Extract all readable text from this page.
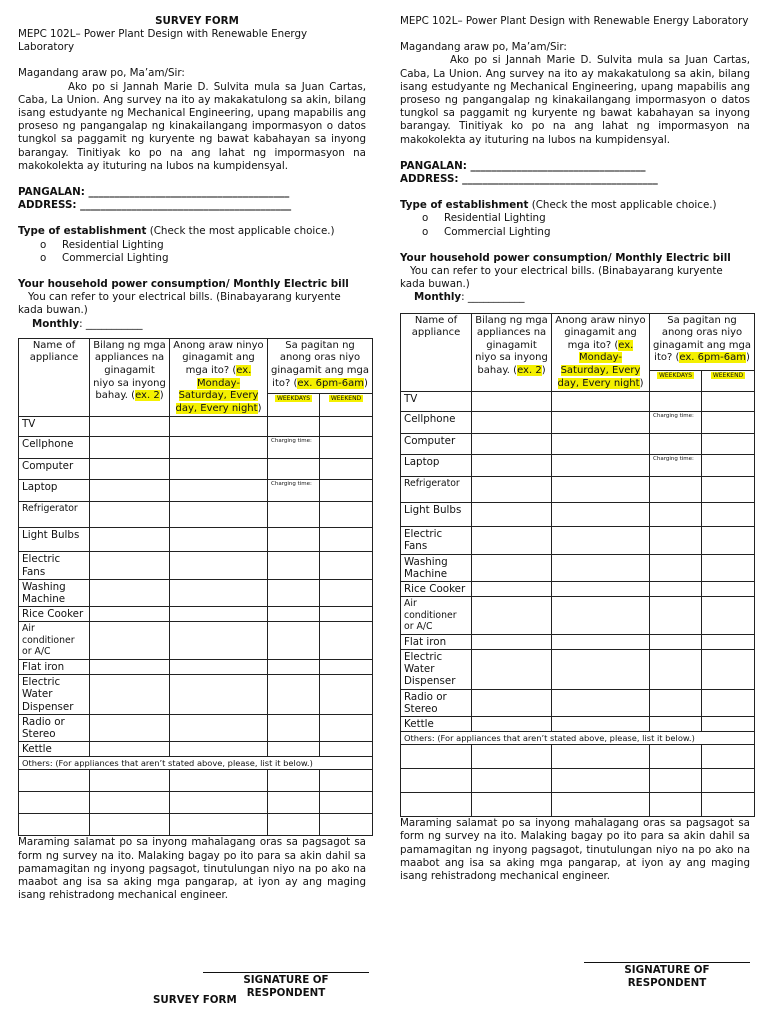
SURVEY FORM
MEPC 102L– Power Plant Design with Renewable Energy Laboratory
Magandang araw po, Ma’am/Sir:
Ako po si Jannah Marie D. Sulvita mula sa Juan Cartas, Caba, La Union. Ang survey na ito ay makakatulong sa akin, bilang isang estudyante ng Mechanical Engineering, upang mapabilis ang proseso ng pangangalap ng kinakailangang impormasyon o datos tungkol sa paggamit ng kuryente ng bawat kabahayan sa inyong barangay. Tinitiyak ko po na ang lahat ng impormasyon na makokolekta ay ituturing na lubos na kumpidensyal.
PANGALAN: _______________________________________
ADDRESS: _________________________________________
Type of establishment (Check the most applicable choice.)
o Residential Lighting
o Commercial Lighting
Your household power consumption/ Monthly Electric bill
You can refer to your electrical bills. (Binabayarang kuryente kada buwan.)
Monthly: ___________
Name of appliance	Bilang ng mga appliances na ginagamit niyo sa inyong bahay. (ex. 2)	Anong araw ninyo ginagamit ang mga ito? (ex. Monday-Saturday, Every day, Every night)	Sa pagitan ng anong oras niyo ginagamit ang mga ito? (ex. 6pm-6am)	
			WEEKDAYS	WEEKEND
TV				
Cellphone			Charging time:	

Computer				
Laptop			Charging time:	

Refrigerator				
Light Bulbs				
Electric Fans				
Washing Machine				
Rice Cooker				
Air conditioner or A/C				
Flat iron				
Electric Water Dispenser				
Radio or Stereo				
Kettle				
Others: (For appliances that aren’t stated above, please, list it below.)				

Maraming salamat po sa inyong mahalagang oras sa pagsagot sa form ng survey na ito. Malaking bagay po ito para sa akin dahil sa pamamagitan ng inyong pagsagot, tinutulungan niyo na po ako na maabot ang isa sa aking mga pangarap, at iyon ay ang maging isang rehistradong mechanical engineer.
SIGNATURE OF RESPONDENT
SURVEY FORM
MEPC 102L– Power Plant Design with Renewable Energy Laboratory
Magandang araw po, Ma’am/Sir:
Ako po si Jannah Marie D. Sulvita mula sa Juan Cartas, Caba, La Union. Ang survey na ito ay makakatulong sa akin, bilang isang estudyante ng Mechanical Engineering, upang mapabilis ang proseso ng pangangalap ng kinakailangang impormasyon o datos tungkol sa paggamit ng kuryente ng bawat kabahayan sa inyong barangay. Tinitiyak ko po na ang lahat ng impormasyon na makokolekta ay ituturing na lubos na kumpidensyal.
PANGALAN: __________________________________
ADDRESS: ______________________________________
Type of establishment (Check the most applicable choice.)
o Residential Lighting
o Commercial Lighting
Your household power consumption/ Monthly Electric bill
You can refer to your electrical bills. (Binabayarang kuryente kada buwan.)
Monthly: ___________
Name of appliance	Bilang ng mga appliances na ginagamit niyo sa inyong bahay. (ex. 2)	Anong araw ninyo ginagamit ang mga ito? (ex. Monday-Saturday, Every day, Every night)	Sa pagitan ng anong oras niyo ginagamit ang mga ito? (ex. 6pm-6am)	
			WEEKDAYS	WEEKEND
TV				
Cellphone			Charging time:	

Computer				
Laptop			Charging time:	

Refrigerator				
Light Bulbs				
Electric Fans				
Washing Machine				
Rice Cooker				
Air conditioner or A/C				
Flat iron				
Electric Water Dispenser				
Radio or Stereo				
Kettle				
Others: (For appliances that aren’t stated above, please, list it below.)				

Maraming salamat po sa inyong mahalagang oras sa pagsagot sa form ng survey na ito. Malaking bagay po ito para sa akin dahil sa pamamagitan ng inyong pagsagot, tinutulungan niyo na po ako na maabot ang isa sa aking mga pangarap, at iyon ay ang maging isang rehistradong mechanical engineer.
SIGNATURE OF RESPONDENT
